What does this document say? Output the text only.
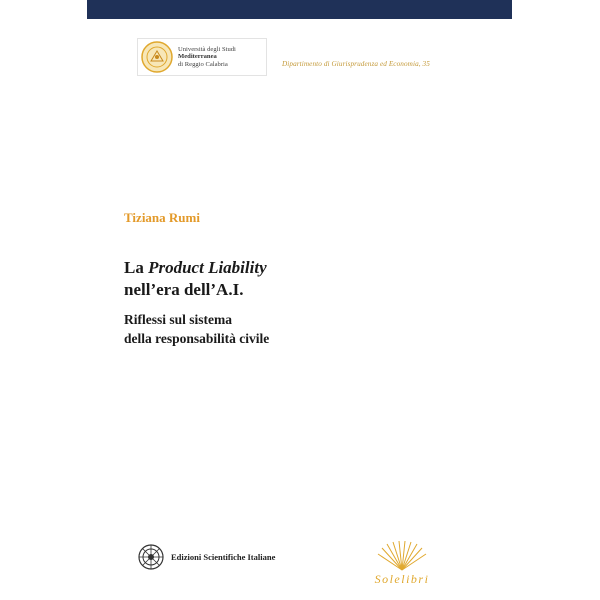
Università degli Studi
Mediterranea
di Reggio Calabria	Dipartimento di Giurisprudenza ed Economia, 35
Tiziana Rumi
La Product Liability
nell’era dell’A.I.
Riflessi sul sistema
della responsabilità civile
Edizioni Scientifiche Italiane
Solelibri
